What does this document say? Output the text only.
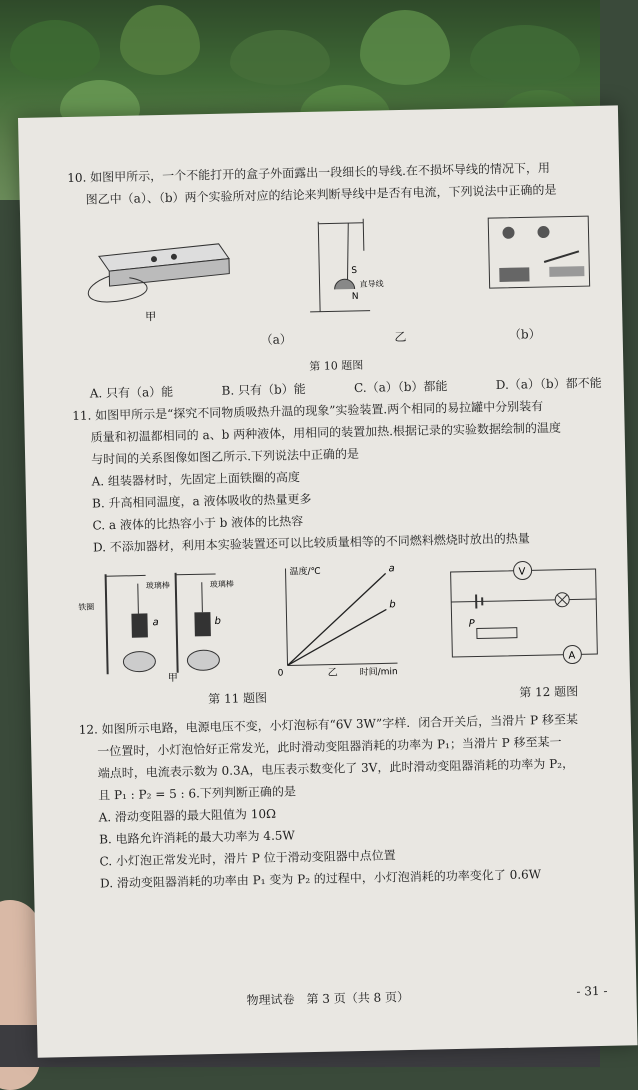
10. 如图甲所示，一个不能打开的盒子外面露出一段细长的导线.在不损坏导线的情况下，用

图乙中（a）、（b）两个实验所对应的结论来判断导线中是否有电流，下列说法中正确的是

甲
S
N
直导线
（a）	乙	（b）
第 10 题图
A. 只有（a）能	B. 只有（b）能	C.（a）（b）都能	D.（a）（b）都不能

11. 如图甲所示是“探究不同物质吸热升温的现象”实验装置.两个相同的易拉罐中分别装有

质量和初温都相同的 a、b 两种液体，用相同的装置加热.根据记录的实验数据绘制的温度

与时间的关系图像如图乙所示.下列说法中正确的是

A. 组装器材时，先固定上面铁圈的高度

B. 升高相同温度，a 液体吸收的热量更多

C. a 液体的比热容小于 b 液体的比热容

D. 不添加器材，利用本实验装置还可以比较质量相等的不同燃料燃烧时放出的热量

铁圈
玻璃棒	玻璃棒
a	b
甲
a
b
温度/℃
时间/min
0	乙
V
P
A
第 11 题图	第 12 题图

12. 如图所示电路，电源电压不变，小灯泡标有“6V 3W”字样．闭合开关后，当滑片 P 移至某

一位置时，小灯泡恰好正常发光，此时滑动变阻器消耗的功率为 P₁；当滑片 P 移至某一

端点时，电流表示数为 0.3A，电压表示数变化了 3V，此时滑动变阻器消耗的功率为 P₂，

且 P₁ : P₂ = 5 : 6.下列判断正确的是

A. 滑动变阻器的最大阻值为 10Ω

B. 电路允许消耗的最大功率为 4.5W

C. 小灯泡正常发光时，滑片 P 位于滑动变阻器中点位置

D. 滑动变阻器消耗的功率由 P₁ 变为 P₂ 的过程中，小灯泡消耗的功率变化了 0.6W

物理试卷　第 3 页（共 8 页）	- 31 -
